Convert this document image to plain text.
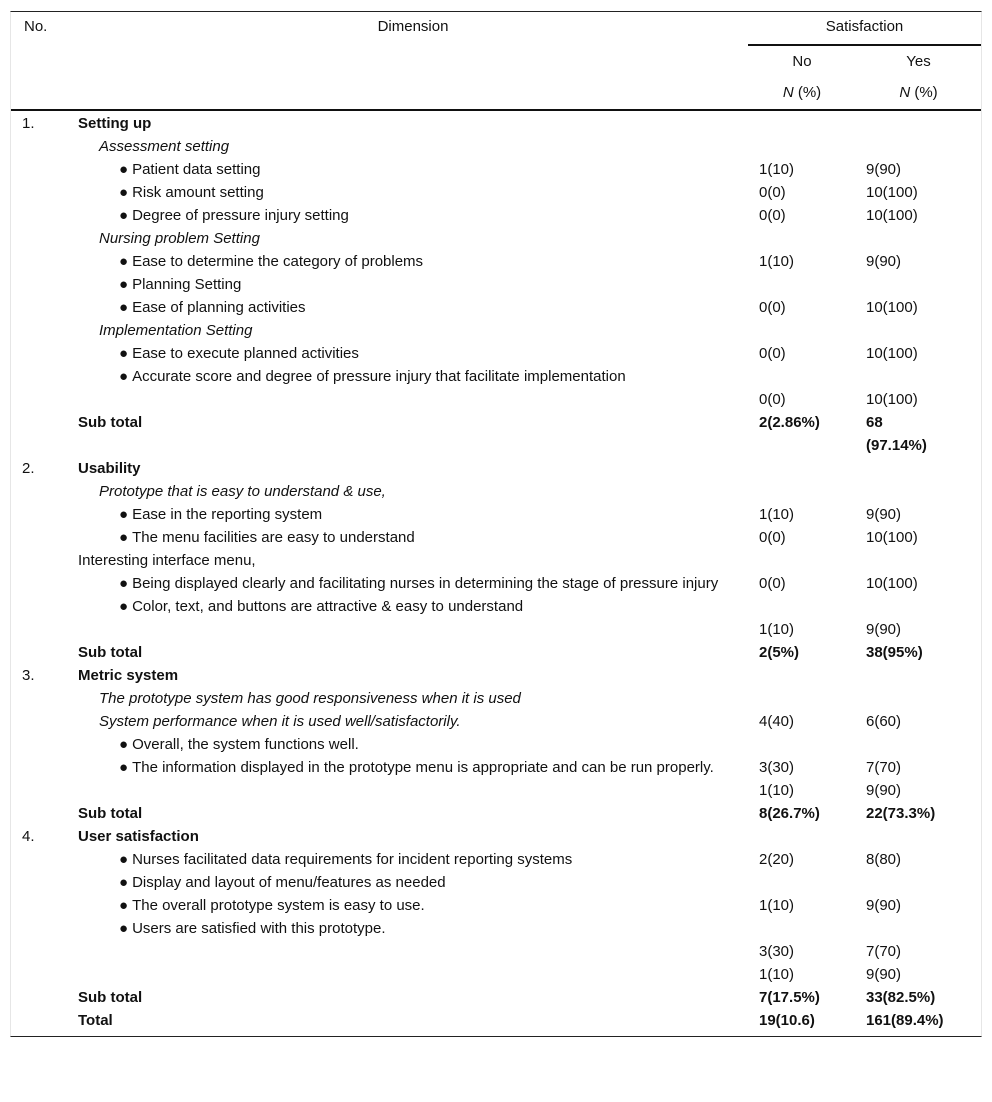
No.	Dimension	Satisfaction	
		No	Yes
		N (%)	N (%)
1.	Setting up		
	Assessment setting		
	● Patient data setting	1(10)	9(90)
	● Risk amount setting	0(0)	10(100)
	● Degree of pressure injury setting	0(0)	10(100)
	Nursing problem Setting		
	● Ease to determine the category of problems	1(10)	9(90)
	● Planning Setting		
	● Ease of planning activities	0(0)	10(100)
	Implementation Setting		
	● Ease to execute planned activities	0(0)	10(100)
	● Accurate score and degree of pressure injury that facilitate implementation		
		0(0)	10(100)
	Sub total	2(2.86%)	68 (97.14%)
2.	Usability		
	Prototype that is easy to understand & use,		
	● Ease in the reporting system	1(10)	9(90)
	● The menu facilities are easy to understand	0(0)	10(100)
	Interesting interface menu,		
	● Being displayed clearly and facilitating nurses in determining the stage of pressure injury	0(0)	10(100)
	● Color, text, and buttons are attractive & easy to understand		
		1(10)	9(90)
	Sub total	2(5%)	38(95%)
3.	Metric system		
	The prototype system has good responsiveness when it is used		
	System performance when it is used well/satisfactorily.	4(40)	6(60)
	● Overall, the system functions well.		
	● The information displayed in the prototype menu is appropriate and can be run properly.	3(30)	7(70)
		1(10)	9(90)
	Sub total	8(26.7%)	22(73.3%)
4.	User satisfaction		
	● Nurses facilitated data requirements for incident reporting systems	2(20)	8(80)
	● Display and layout of menu/features as needed		
	● The overall prototype system is easy to use.	1(10)	9(90)
	● Users are satisfied with this prototype.		
		3(30)	7(70)
		1(10)	9(90)
	Sub total	7(17.5%)	33(82.5%)
	Total	19(10.6)	161(89.4%)
